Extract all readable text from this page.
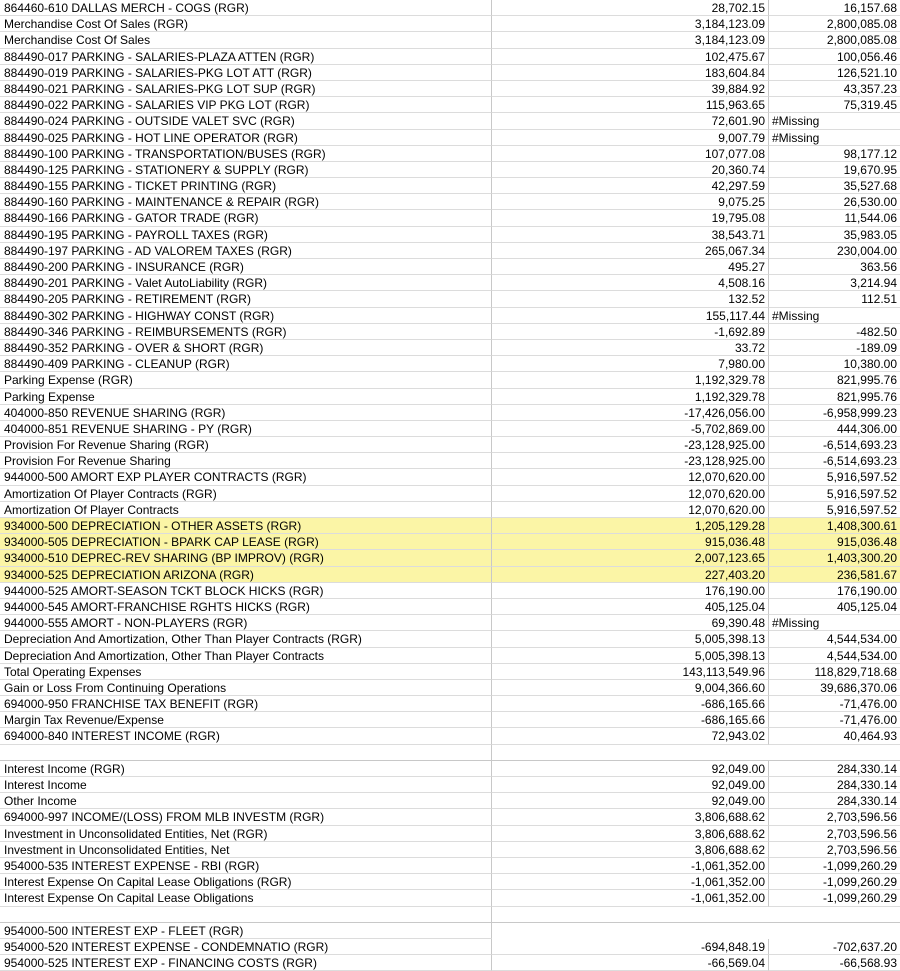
864460-610 DALLAS MERCH - COGS (RGR)	28,702.15	16,157.68
Merchandise Cost Of Sales (RGR)	3,184,123.09	2,800,085.08
Merchandise Cost Of Sales	3,184,123.09	2,800,085.08
884490-017 PARKING - SALARIES-PLAZA ATTEN (RGR)	102,475.67	100,056.46
884490-019 PARKING - SALARIES-PKG LOT ATT (RGR)	183,604.84	126,521.10
884490-021 PARKING - SALARIES-PKG LOT SUP (RGR)	39,884.92	43,357.23
884490-022 PARKING - SALARIES VIP PKG LOT (RGR)	115,963.65	75,319.45
884490-024 PARKING - OUTSIDE VALET SVC (RGR)	72,601.90 #Missing
884490-025 PARKING - HOT LINE OPERATOR (RGR)	9,007.79 #Missing
884490-100 PARKING - TRANSPORTATION/BUSES (RGR)	107,077.08	98,177.12
884490-125 PARKING - STATIONERY & SUPPLY (RGR)	20,360.74	19,670.95
884490-155 PARKING - TICKET PRINTING (RGR)	42,297.59	35,527.68
884490-160 PARKING - MAINTENANCE & REPAIR (RGR)	9,075.25	26,530.00
884490-166 PARKING - GATOR TRADE (RGR)	19,795.08	11,544.06
884490-195 PARKING - PAYROLL TAXES (RGR)	38,543.71	35,983.05
884490-197 PARKING - AD VALOREM TAXES (RGR)	265,067.34	230,004.00
884490-200 PARKING - INSURANCE (RGR)	495.27	363.56
884490-201 PARKING - Valet AutoLiability (RGR)	4,508.16	3,214.94
884490-205 PARKING - RETIREMENT (RGR)	132.52	112.51
884490-302 PARKING - HIGHWAY CONST (RGR)	155,117.44 #Missing
884490-346 PARKING - REIMBURSEMENTS (RGR)	-1,692.89	-482.50
884490-352 PARKING - OVER & SHORT (RGR)	33.72	-189.09
884490-409 PARKING - CLEANUP (RGR)	7,980.00	10,380.00
Parking Expense (RGR)	1,192,329.78	821,995.76
Parking Expense	1,192,329.78	821,995.76
404000-850 REVENUE SHARING (RGR)	-17,426,056.00	-6,958,999.23
404000-851 REVENUE SHARING - PY (RGR)	-5,702,869.00	444,306.00
Provision For Revenue Sharing (RGR)	-23,128,925.00	-6,514,693.23
Provision For Revenue Sharing	-23,128,925.00	-6,514,693.23
944000-500 AMORT EXP PLAYER CONTRACTS (RGR)	12,070,620.00	5,916,597.52
Amortization Of Player Contracts (RGR)	12,070,620.00	5,916,597.52
Amortization Of Player Contracts	12,070,620.00	5,916,597.52
934000-500 DEPRECIATION - OTHER ASSETS (RGR)	1,205,129.28	1,408,300.61
934000-505 DEPRECIATION - BPARK CAP LEASE (RGR)	915,036.48	915,036.48
934000-510 DEPREC-REV SHARING (BP IMPROV) (RGR)	2,007,123.65	1,403,300.20
934000-525 DEPRECIATION ARIZONA (RGR)	227,403.20	236,581.67
944000-525 AMORT-SEASON TCKT BLOCK HICKS (RGR)	176,190.00	176,190.00
944000-545 AMORT-FRANCHISE RGHTS HICKS (RGR)	405,125.04	405,125.04
944000-555 AMORT - NON-PLAYERS (RGR)	69,390.48 #Missing
Depreciation And Amortization, Other Than Player Contracts (RGR)	5,005,398.13	4,544,534.00
Depreciation And Amortization, Other Than Player Contracts	5,005,398.13	4,544,534.00
Total Operating Expenses	143,113,549.96	118,829,718.68
Gain or Loss From Continuing Operations	9,004,366.60	39,686,370.06
694000-950 FRANCHISE TAX BENEFIT (RGR)	-686,165.66	-71,476.00
Margin Tax Revenue/Expense	-686,165.66	-71,476.00
694000-840 INTEREST INCOME (RGR)	72,943.02	40,464.93
Interest Income (RGR)	92,049.00	284,330.14
Interest Income	92,049.00	284,330.14
Other Income	92,049.00	284,330.14
694000-997 INCOME/(LOSS) FROM MLB INVESTM (RGR)	3,806,688.62	2,703,596.56
Investment in Unconsolidated Entities, Net (RGR)	3,806,688.62	2,703,596.56
Investment in Unconsolidated Entities, Net	3,806,688.62	2,703,596.56
954000-535 INTEREST EXPENSE - RBI (RGR)	-1,061,352.00	-1,099,260.29
Interest Expense On Capital Lease Obligations (RGR)	-1,061,352.00	-1,099,260.29
Interest Expense On Capital Lease Obligations	-1,061,352.00	-1,099,260.29
954000-500 INTEREST EXP - FLEET (RGR)
954000-520 INTEREST EXPENSE - CONDEMNATIO (RGR)	-694,848.19	-702,637.20
954000-525 INTEREST EXP - FINANCING COSTS (RGR)	-66,569.04	-66,568.93
